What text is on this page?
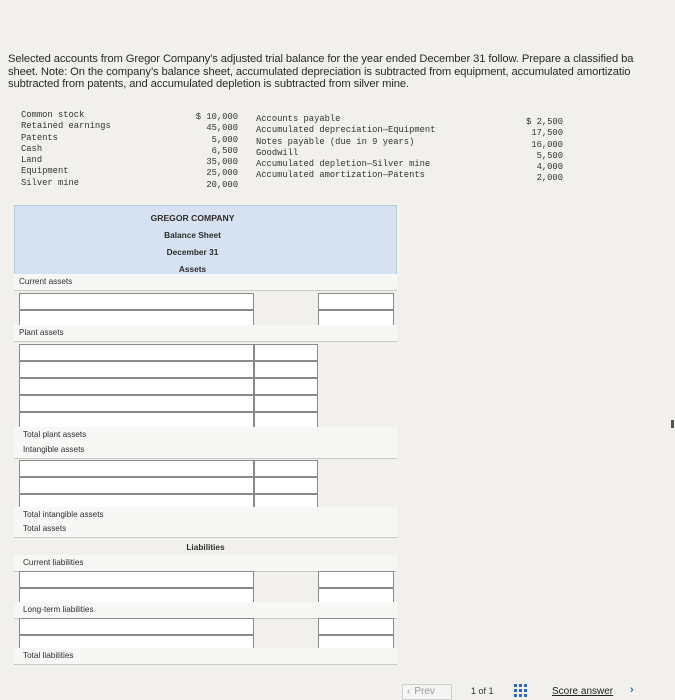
Selected accounts from Gregor Company’s adjusted trial balance for the year ended December 31 follow. Prepare a classified ba
sheet. Note: On the company’s balance sheet, accumulated depreciation is subtracted from equipment, accumulated amortizatio
subtracted from patents, and accumulated depletion is subtracted from silver mine.
Common stock
Retained earnings
Patents
Cash
Land
Equipment
Silver mine
$ 10,000
45,000
5,000
6,500
35,000
25,000
20,000
Accounts payable
Accumulated depreciation—Equipment
Notes payable (due in 9 years)
Goodwill
Accumulated depletion—Silver mine
Accumulated amortization—Patents
$ 2,500
17,500
16,000
5,500
4,000
2,000
GREGOR COMPANY
Balance Sheet
December 31
Assets
Current assets
Plant assets
Total plant assets
Intangible assets
Total intangible assets
Total assets
Liabilities
Current liabilities
Long-term liabilities
Total liabilities
‹ Prev	1 of 1	Score answer ›
